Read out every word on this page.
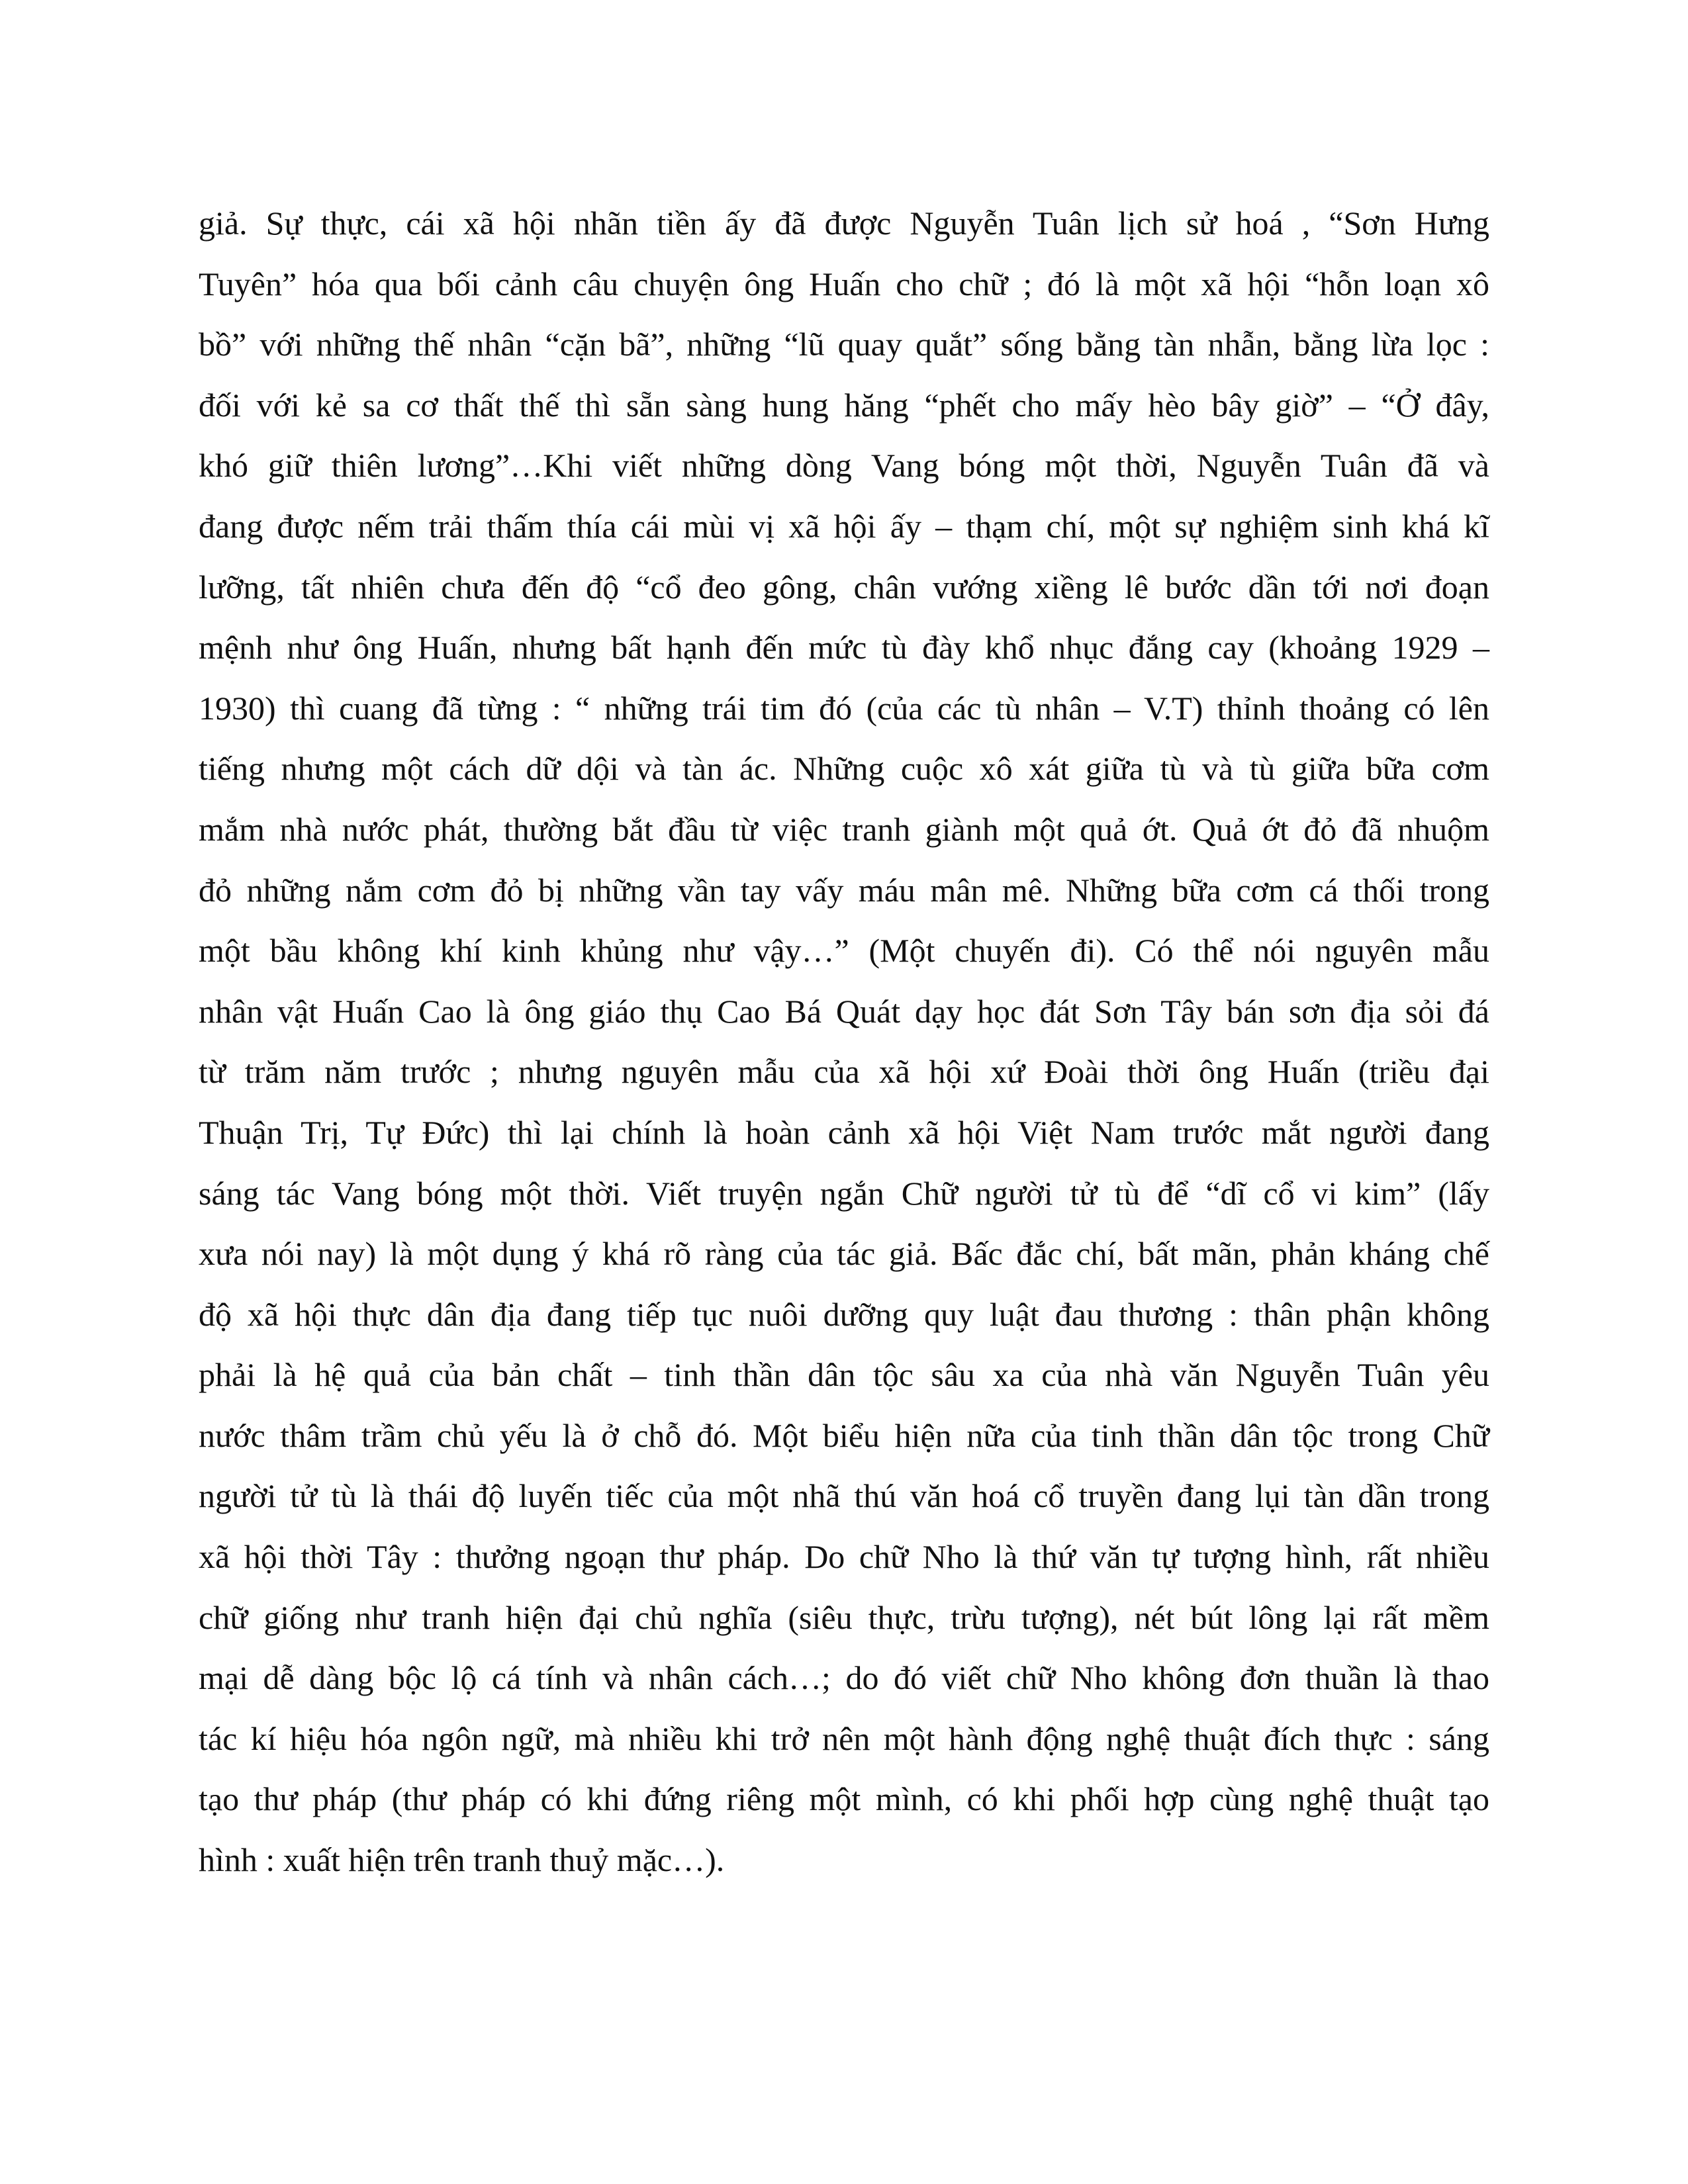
giả. Sự thực, cái xã hội nhãn tiền ấy đã được Nguyễn Tuân lịch sử hoá , “Sơn Hưng
Tuyên” hóa qua bối cảnh câu chuyện ông Huấn cho chữ ; đó là một xã hội “hỗn loạn xô
bồ” với những thế nhân “cặn bã”, những “lũ quay quắt” sống bằng tàn nhẫn, bằng lừa lọc :
đối với kẻ sa cơ thất thế thì sẵn sàng hung hăng “phết cho mấy hèo bây giờ” – “Ở đây,
khó giữ thiên lương”…Khi viết những dòng Vang bóng một thời, Nguyễn Tuân đã và
đang được nếm trải thấm thía cái mùi vị xã hội ấy – thạm chí, một sự nghiệm sinh khá kĩ
lưỡng, tất nhiên chưa đến độ “cổ đeo gông, chân vướng xiềng lê bước dần tới nơi đoạn
mệnh như ông Huấn, nhưng bất hạnh đến mức tù đày khổ nhục đắng cay (khoảng 1929 –
1930) thì cuang đã từng : “ những trái tim đó (của các tù nhân – V.T) thỉnh thoảng có lên
tiếng nhưng một cách dữ dội và tàn ác. Những cuộc xô xát giữa tù và tù giữa bữa cơm
mắm nhà nước phát, thường bắt đầu từ việc tranh giành một quả ớt. Quả ớt đỏ đã nhuộm
đỏ những nắm cơm đỏ bị những vần tay vấy máu mân mê. Những bữa cơm cá thối trong
một bầu không khí kinh khủng như vậy…” (Một chuyến đi). Có thể nói nguyên mẫu
nhân vật Huấn Cao là ông giáo thụ Cao Bá Quát dạy học đát Sơn Tây bán sơn địa sỏi đá
từ trăm năm trước ; nhưng nguyên mẫu của xã hội xứ Đoài thời ông Huấn (triều đại
Thuận Trị, Tự Đức) thì lại chính là hoàn cảnh xã hội Việt Nam trước mắt người đang
sáng tác Vang bóng một thời. Viết truyện ngắn Chữ người tử tù để “dĩ cổ vi kim” (lấy
xưa nói nay) là một dụng ý khá rõ ràng của tác giả. Bấc đắc chí, bất mãn, phản kháng chế
độ xã hội thực dân địa đang tiếp tục nuôi dưỡng quy luật đau thương : thân phận không
phải là hệ quả của bản chất – tinh thần dân tộc sâu xa của nhà văn Nguyễn Tuân yêu
nước thâm trầm chủ yếu là ở chỗ đó. Một biểu hiện nữa của tinh thần dân tộc trong Chữ
người tử tù là thái độ luyến tiếc của một nhã thú văn hoá cổ truyền đang lụi tàn dần trong
xã hội thời Tây : thưởng ngoạn thư pháp. Do chữ Nho là thứ văn tự tượng hình, rất nhiều
chữ giống như tranh hiện đại chủ nghĩa (siêu thực, trừu tượng), nét bút lông lại rất mềm
mại dễ dàng bộc lộ cá tính và nhân cách…; do đó viết chữ Nho không đơn thuần là thao
tác kí hiệu hóa ngôn ngữ, mà nhiều khi trở nên một hành động nghệ thuật đích thực : sáng
tạo thư pháp (thư pháp có khi đứng riêng một mình, có khi phối hợp cùng nghệ thuật tạo
hình : xuất hiện trên tranh thuỷ mặc…).
